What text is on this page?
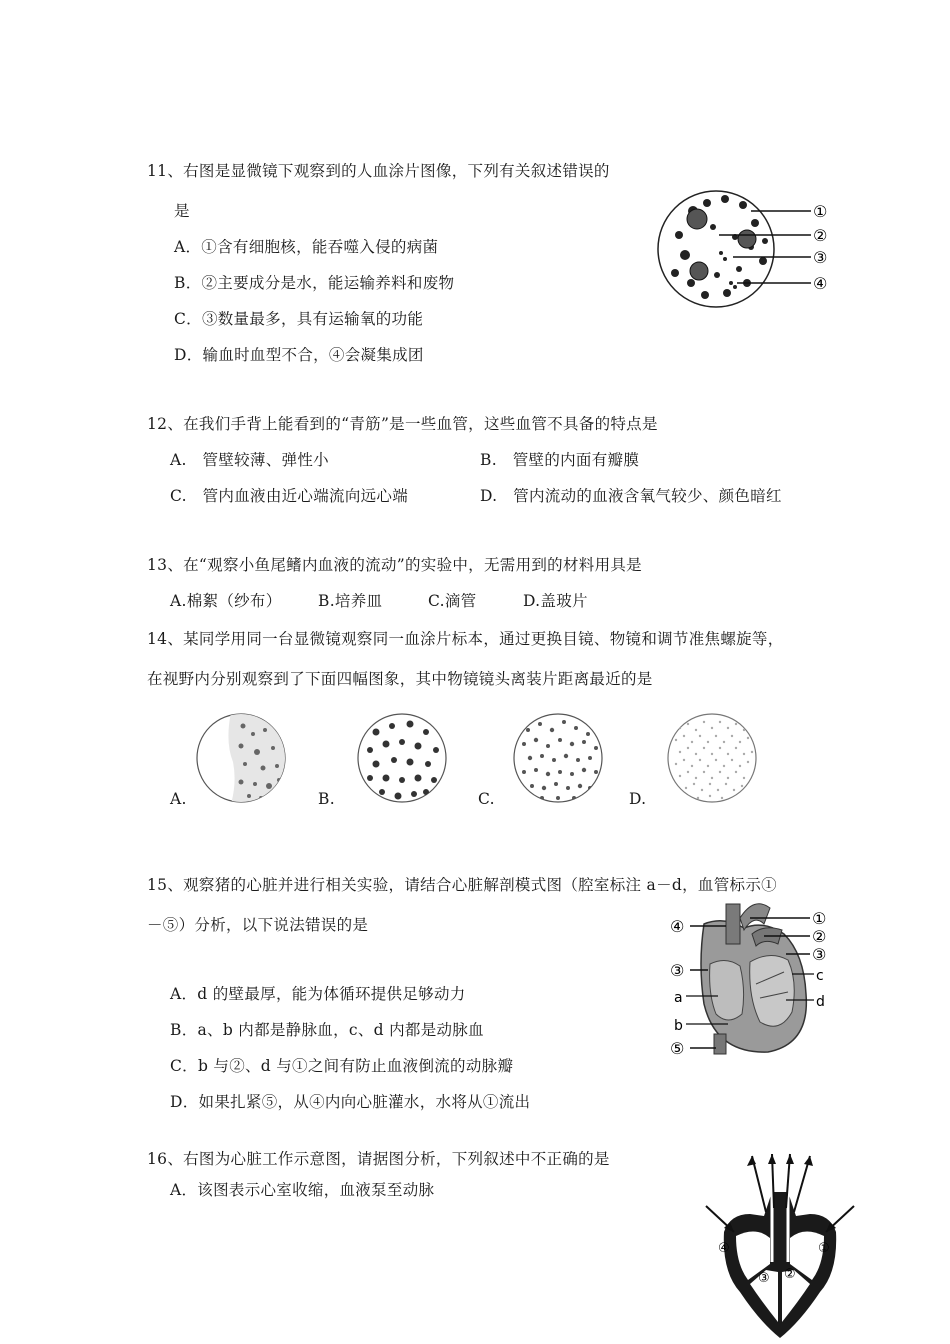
11、右图是显微镜下观察到的人血涂片图像，下列有关叙述错误的
是
A．①含有细胞核，能吞噬入侵的病菌
B．②主要成分是水，能运输养料和废物
C．③数量最多，具有运输氧的功能
D．输血时血型不合，④会凝集成团
①
②
③
④
12、在我们手背上能看到的“青筋”是一些血管，这些血管不具备的特点是
A.　管壁较薄、弹性小	B.　管壁的内面有瓣膜
C.　管内血液由近心端流向远心端	D.　管内流动的血液含氧气较少、颜色暗红
13、在“观察小鱼尾鳍内血液的流动”的实验中，无需用到的材料用具是
A.棉絮（纱布） B.培养皿	C.滴管	D.盖玻片
14、某同学用同一台显微镜观察同一血涂片标本，通过更换目镜、物镜和调节准焦螺旋等，
在视野内分别观察到了下面四幅图象，其中物镜镜头离装片距离最近的是
A.	B.	C.	D.
15、观察猪的心脏并进行相关实验，请结合心脏解剖模式图（腔室标注 a－d，血管标示①
－⑤）分析，以下说法错误的是
A．d 的壁最厚，能为体循环提供足够动力
B．a、b 内都是静脉血，c、d 内都是动脉血
C．b 与②、d 与①之间有防止血液倒流的动脉瓣
D．如果扎紧⑤，从④内向心脏灌水，水将从①流出
①
②
③
c
d
④
③
a
b
⑤
16、右图为心脏工作示意图，请据图分析，下列叙述中不正确的是
A．该图表示心室收缩，血液泵至动脉
④	①
③ ②
